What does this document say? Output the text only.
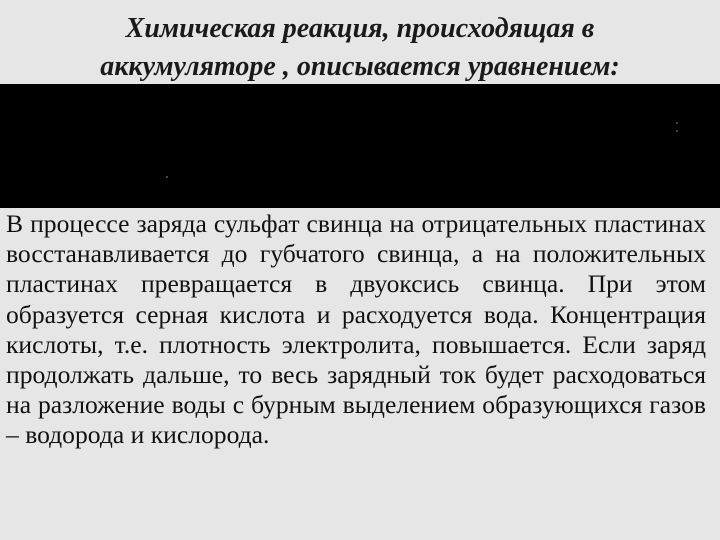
Химическая реакция, происходящая в
аккумуляторе , описывается уравнением:

В процессе заряда сульфат свинца на отрицательных пластинах восстанавливается до губчатого свинца, а на положительных пластинах превращается в двуоксись свинца. При этом образуется серная кислота и расходуется вода. Концентрация кислоты, т.е. плотность электролита, повышается. Если заряд продолжать дальше, то весь зарядный ток будет расходоваться на разложение воды с бурным выделением образующихся газов – водорода и кислорода.
